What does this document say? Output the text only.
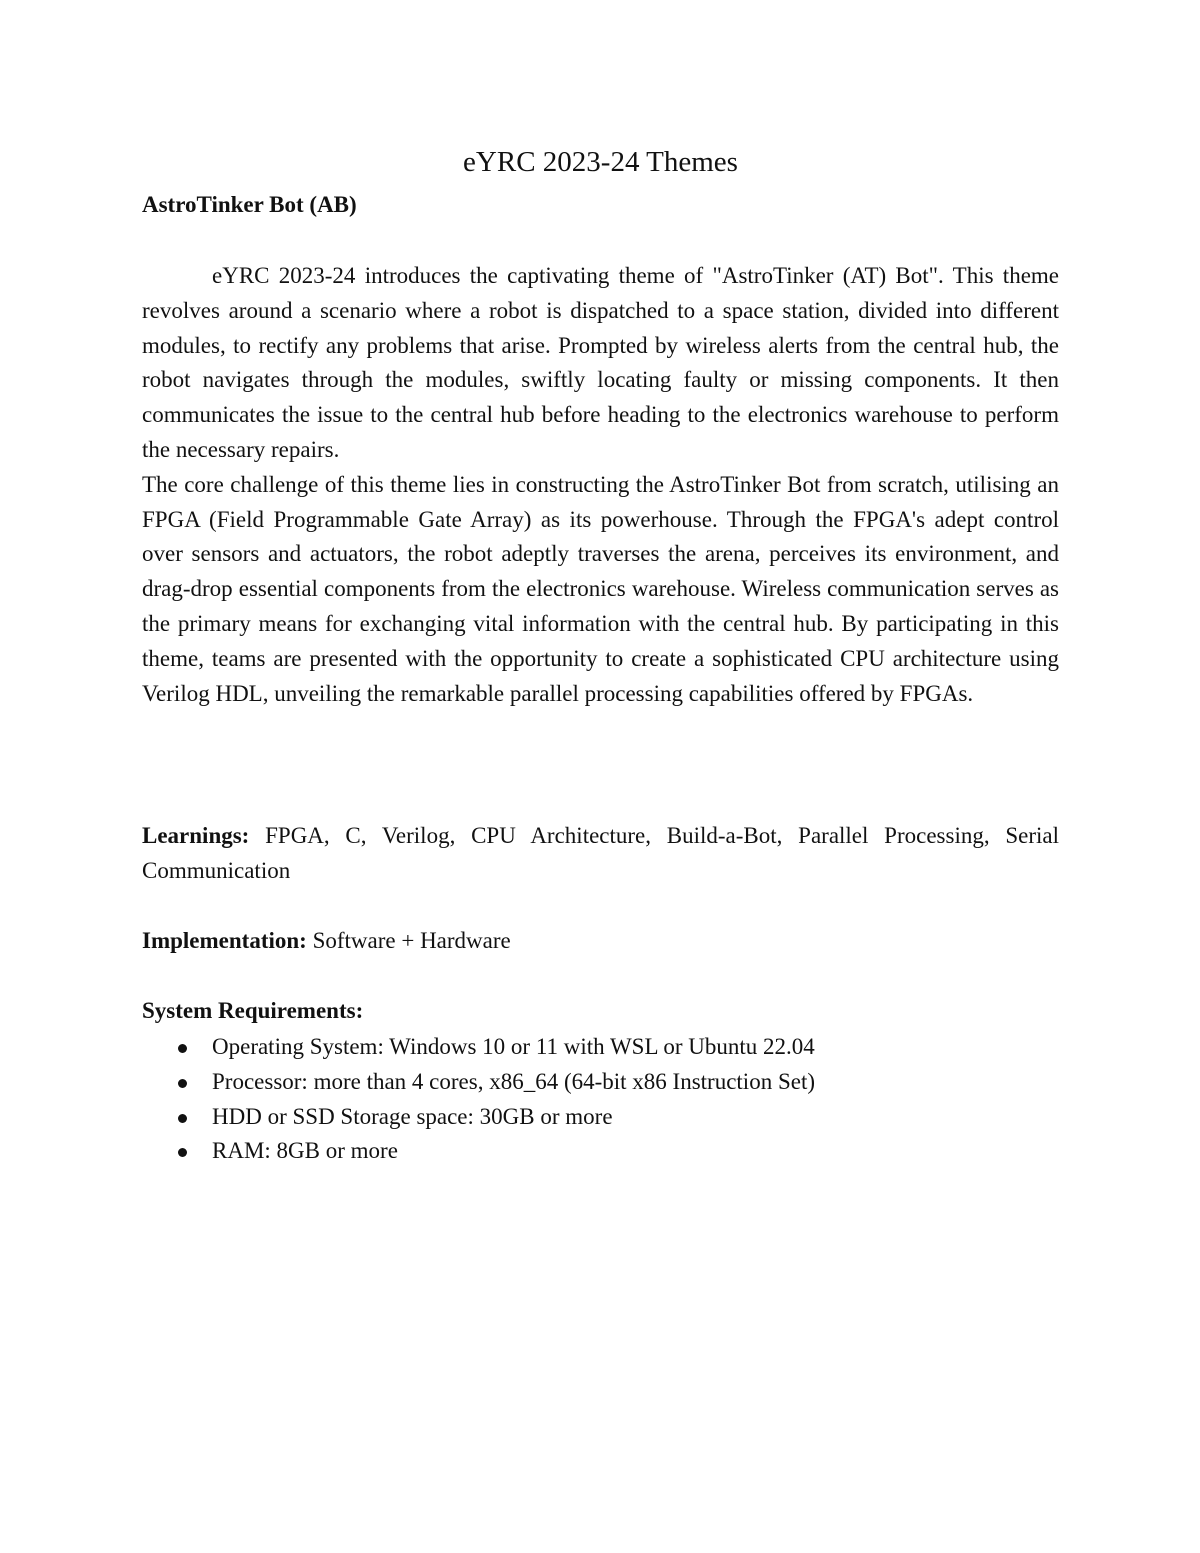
eYRC 2023-24 Themes
AstroTinker Bot (AB)

eYRC 2023-24 introduces the captivating theme of "AstroTinker (AT) Bot". This theme revolves around a scenario where a robot is dispatched to a space station, divided into different modules, to rectify any problems that arise. Prompted by wireless alerts from the central hub, the robot navigates through the modules, swiftly locating faulty or missing components. It then communicates the issue to the central hub before heading to the electronics warehouse to perform the necessary repairs.

The core challenge of this theme lies in constructing the AstroTinker Bot from scratch, utilising an FPGA (Field Programmable Gate Array) as its powerhouse. Through the FPGA's adept control over sensors and actuators, the robot adeptly traverses the arena, perceives its environment, and drag-drop essential components from the electronics warehouse. Wireless communication serves as the primary means for exchanging vital information with the central hub. By participating in this theme, teams are presented with the opportunity to create a sophisticated CPU architecture using Verilog HDL, unveiling the remarkable parallel processing capabilities offered by FPGAs.

Learnings: FPGA, C, Verilog, CPU Architecture, Build-a-Bot, Parallel Processing, Serial Communication

Implementation: Software + Hardware

System Requirements:

Operating System: Windows 10 or 11 with WSL or Ubuntu 22.04
Processor: more than 4 cores, x86_64 (64-bit x86 Instruction Set)
HDD or SSD Storage space: 30GB or more
RAM: 8GB or more
